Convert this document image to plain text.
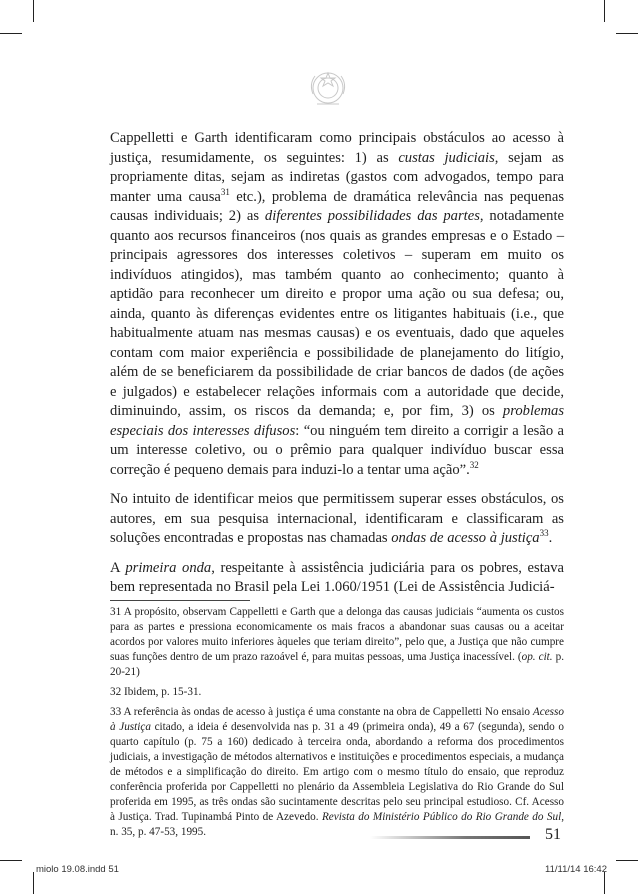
Cappelletti e Garth identificaram como principais obstáculos ao acesso à justiça, resumidamente, os seguintes: 1) as custas judiciais, sejam as propriamente ditas, sejam as indiretas (gastos com advogados, tempo para manter uma causa$^{31}$ etc.), problema de dramática relevância nas pequenas causas individuais; 2) as diferentes possibilidades das partes, notadamente quanto aos recursos financeiros (nos quais as grandes empresas e o Estado – principais agressores dos interesses coletivos – superam em muito os indivíduos atingidos), mas também quanto ao conhecimento; quanto à aptidão para reconhecer um direito e propor uma ação ou sua defesa; ou, ainda, quanto às diferenças evidentes entre os litigantes habituais (i.e., que habitualmente atuam nas mesmas causas) e os eventuais, dado que aqueles contam com maior experiência e possibilidade de planejamento do litígio, além de se beneficiarem da possibilidade de criar bancos de dados (de ações e julgados) e estabelecer relações informais com a autoridade que decide, diminuindo, assim, os riscos da demanda; e, por fim, 3) os problemas especiais dos interesses difusos: “ou ninguém tem direito a corrigir a lesão a um interesse coletivo, ou o prêmio para qualquer indivíduo buscar essa correção é pequeno demais para induzi-lo a tentar uma ação”.$^{32}$

No intuito de identificar meios que permitissem superar esses obstáculos, os autores, em sua pesquisa internacional, identificaram e classificaram as soluções encontradas e propostas nas chamadas ondas de acesso à justiça$^{33}$.

A primeira onda, respeitante à assistência judiciária para os pobres, estava bem representada no Brasil pela Lei 1.060/1951 (Lei de Assistência Judiciá-

31 A propósito, observam Cappelletti e Garth que a delonga das causas judiciais “aumenta os custos para as partes e pressiona economicamente os mais fracos a abandonar suas causas ou a aceitar acordos por valores muito inferiores àqueles que teriam direito”, pelo que, a Justiça que não cumpre suas funções dentro de um prazo razoável é, para muitas pessoas, uma Justiça inacessível. (op. cit. p. 20-21)

32 Ibidem, p. 15-31.

33 A referência às ondas de acesso à justiça é uma constante na obra de Cappelletti No ensaio Acesso à Justiça citado, a ideia é desenvolvida nas p. 31 a 49 (primeira onda), 49 a 67 (segunda), sendo o quarto capítulo (p. 75 a 160) dedicado à terceira onda, abordando a reforma dos procedimentos judiciais, a investigação de métodos alternativos e instituições e procedimentos especiais, a mudança de métodos e a simplificação do direito. Em artigo com o mesmo título do ensaio, que reproduz conferência proferida por Cappelletti no plenário da Assembleia Legislativa do Rio Grande do Sul proferida em 1995, as três ondas são sucintamente descritas pelo seu principal estudioso. Cf. Acesso à Justiça. Trad. Tupinambá Pinto de Azevedo. Revista do Ministério Público do Rio Grande do Sul, n. 35, p. 47-53, 1995.	51
miolo 19.08.indd 51	11/11/14 16:42
